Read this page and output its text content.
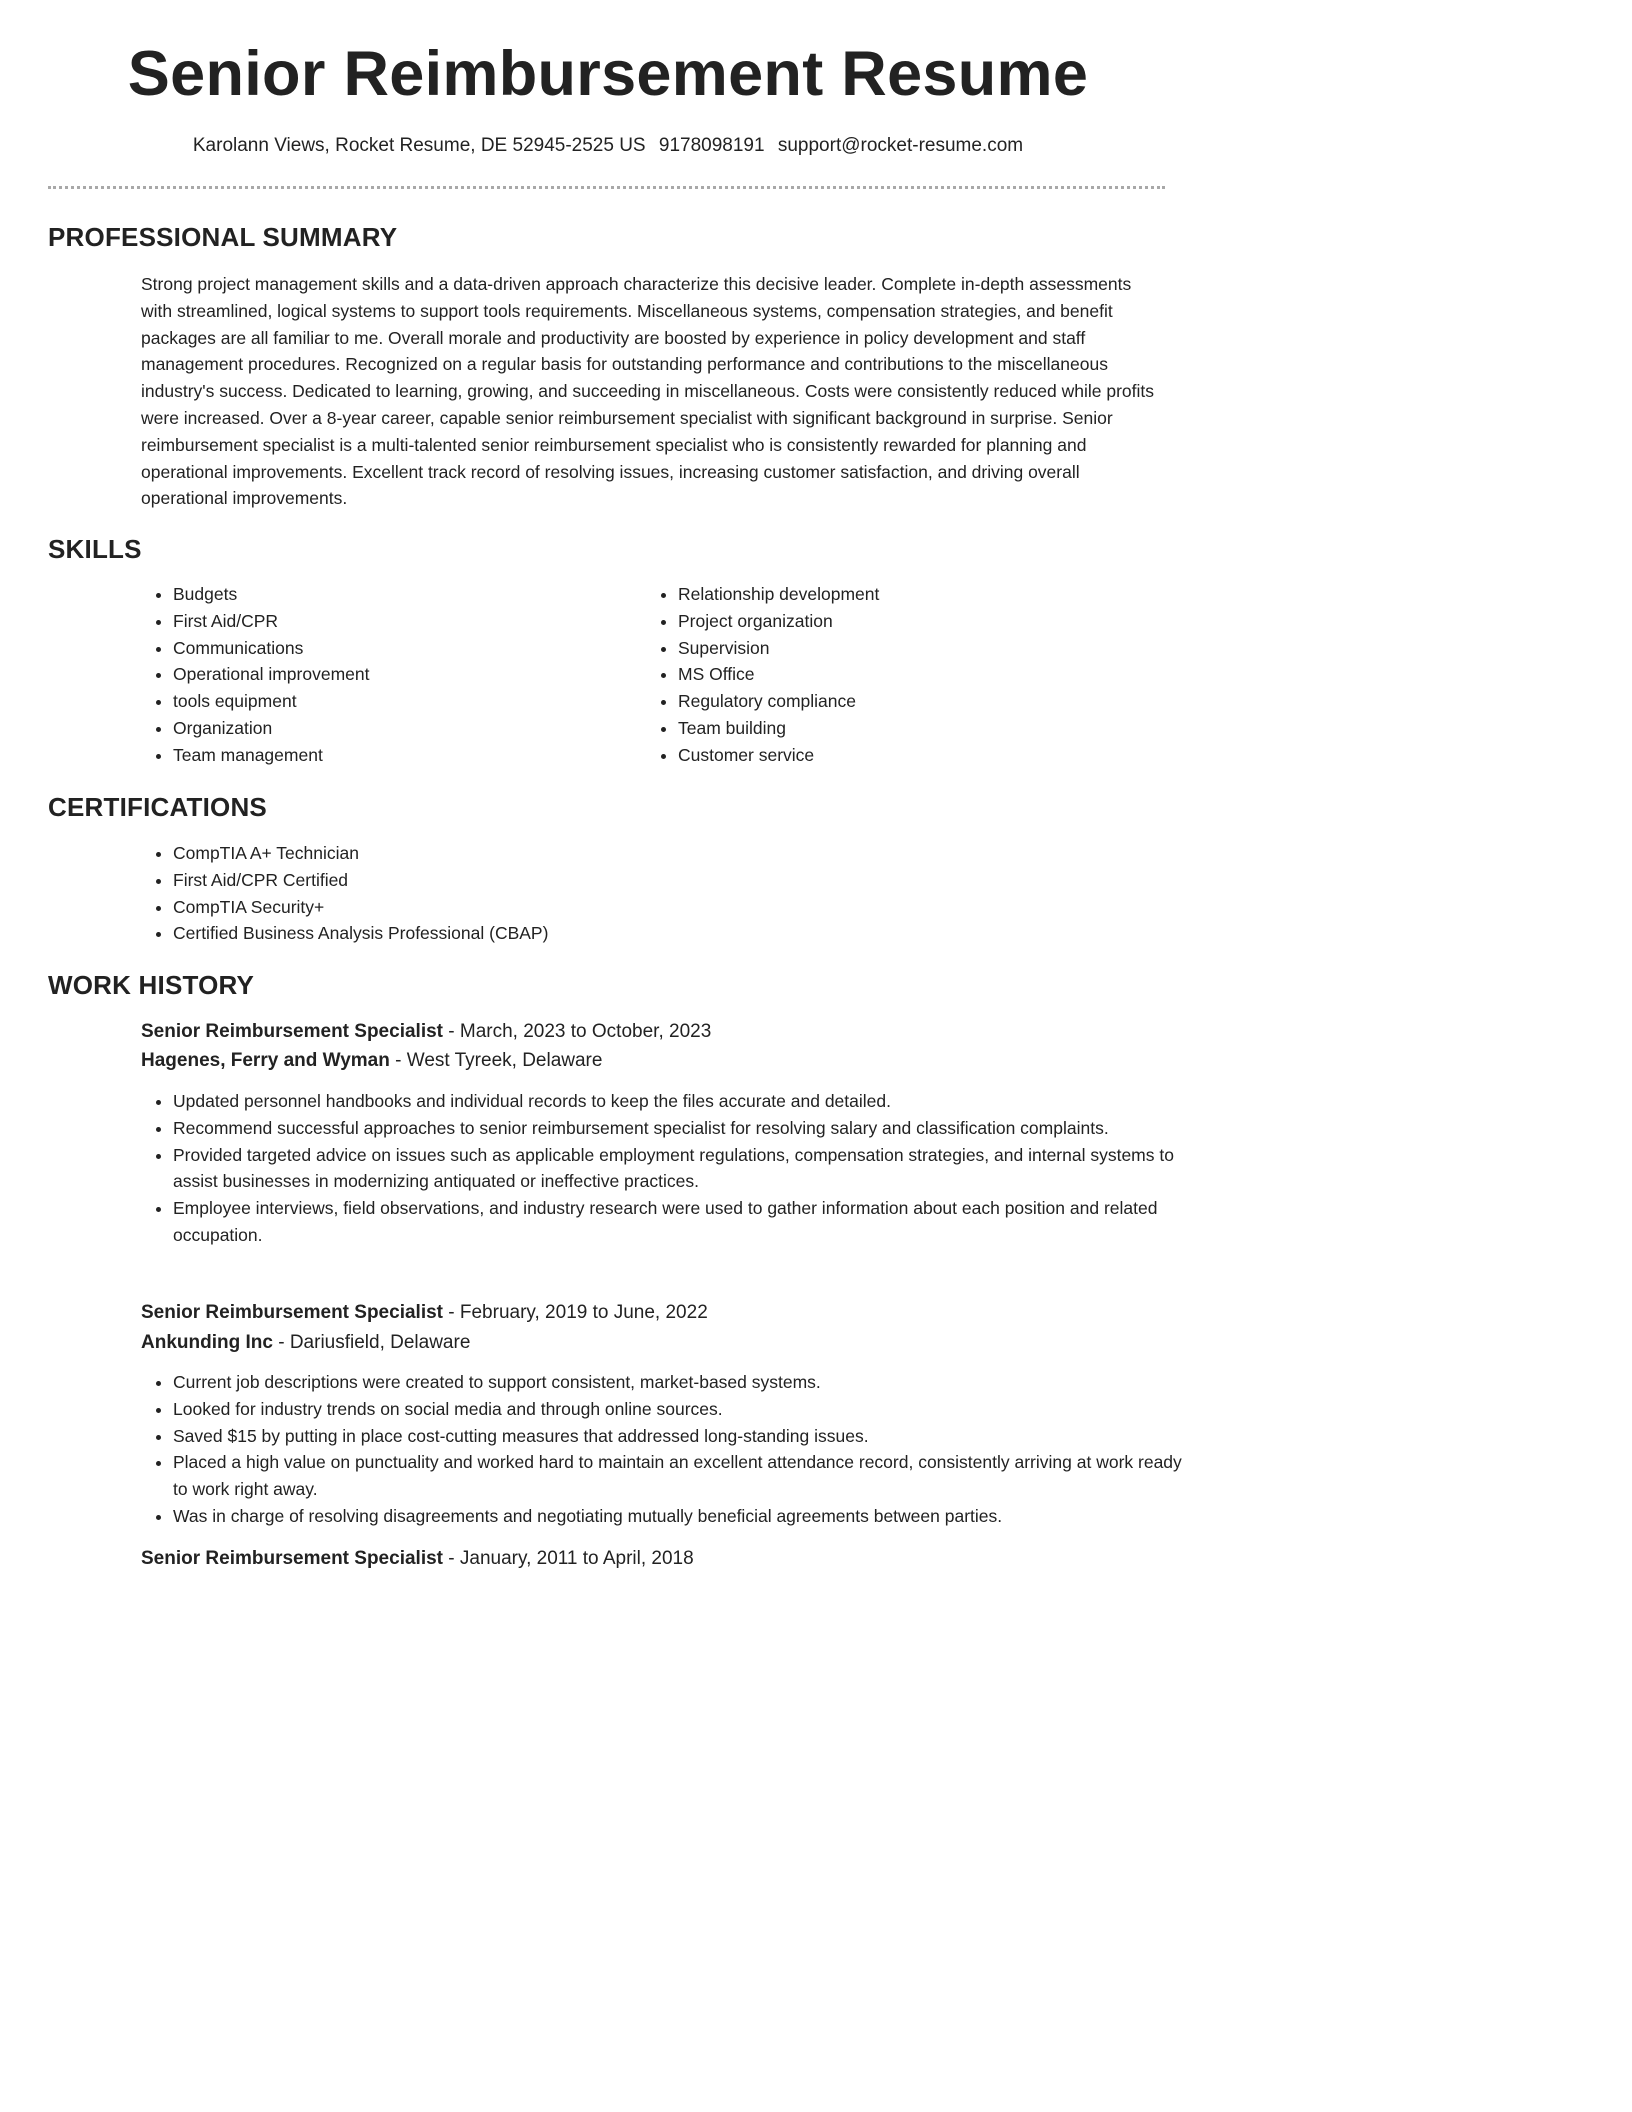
Senior Reimbursement Resume
Karolann Views, Rocket Resume, DE 52945-2525 US 9178098191 support@rocket-resume.com
PROFESSIONAL SUMMARY

Strong project management skills and a data-driven approach characterize this decisive leader. Complete in-depth assessments with streamlined, logical systems to support tools requirements. Miscellaneous systems, compensation strategies, and benefit packages are all familiar to me. Overall morale and productivity are boosted by experience in policy development and staff management procedures. Recognized on a regular basis for outstanding performance and contributions to the miscellaneous industry's success. Dedicated to learning, growing, and succeeding in miscellaneous. Costs were consistently reduced while profits were increased. Over a 8-year career, capable senior reimbursement specialist with significant background in surprise. Senior reimbursement specialist is a multi-talented senior reimbursement specialist who is consistently rewarded for planning and operational improvements. Excellent track record of resolving issues, increasing customer satisfaction, and driving overall operational improvements.

SKILLS
• Budgets
• First Aid/CPR
• Communications
• Operational improvement
• tools equipment
• Organization
• Team management
• Relationship development
• Project organization
• Supervision
• MS Office
• Regulatory compliance
• Team building
• Customer service
CERTIFICATIONS
• CompTIA A+ Technician
• First Aid/CPR Certified
• CompTIA Security+
• Certified Business Analysis Professional (CBAP)
WORK HISTORY
Senior Reimbursement Specialist - March, 2023 to October, 2023
Hagenes, Ferry and Wyman - West Tyreek, Delaware
• Updated personnel handbooks and individual records to keep the files accurate and detailed.
• Recommend successful approaches to senior reimbursement specialist for resolving salary and classification complaints.
• Provided targeted advice on issues such as applicable employment regulations, compensation strategies, and internal systems to assist businesses in modernizing antiquated or ineffective practices.
• Employee interviews, field observations, and industry research were used to gather information about each position and related occupation.
Senior Reimbursement Specialist - February, 2019 to June, 2022
Ankunding Inc - Dariusfield, Delaware
• Current job descriptions were created to support consistent, market-based systems.
• Looked for industry trends on social media and through online sources.
• Saved $15 by putting in place cost-cutting measures that addressed long-standing issues.
• Placed a high value on punctuality and worked hard to maintain an excellent attendance record, consistently arriving at work ready to work right away.
• Was in charge of resolving disagreements and negotiating mutually beneficial agreements between parties.
Senior Reimbursement Specialist - January, 2011 to April, 2018
